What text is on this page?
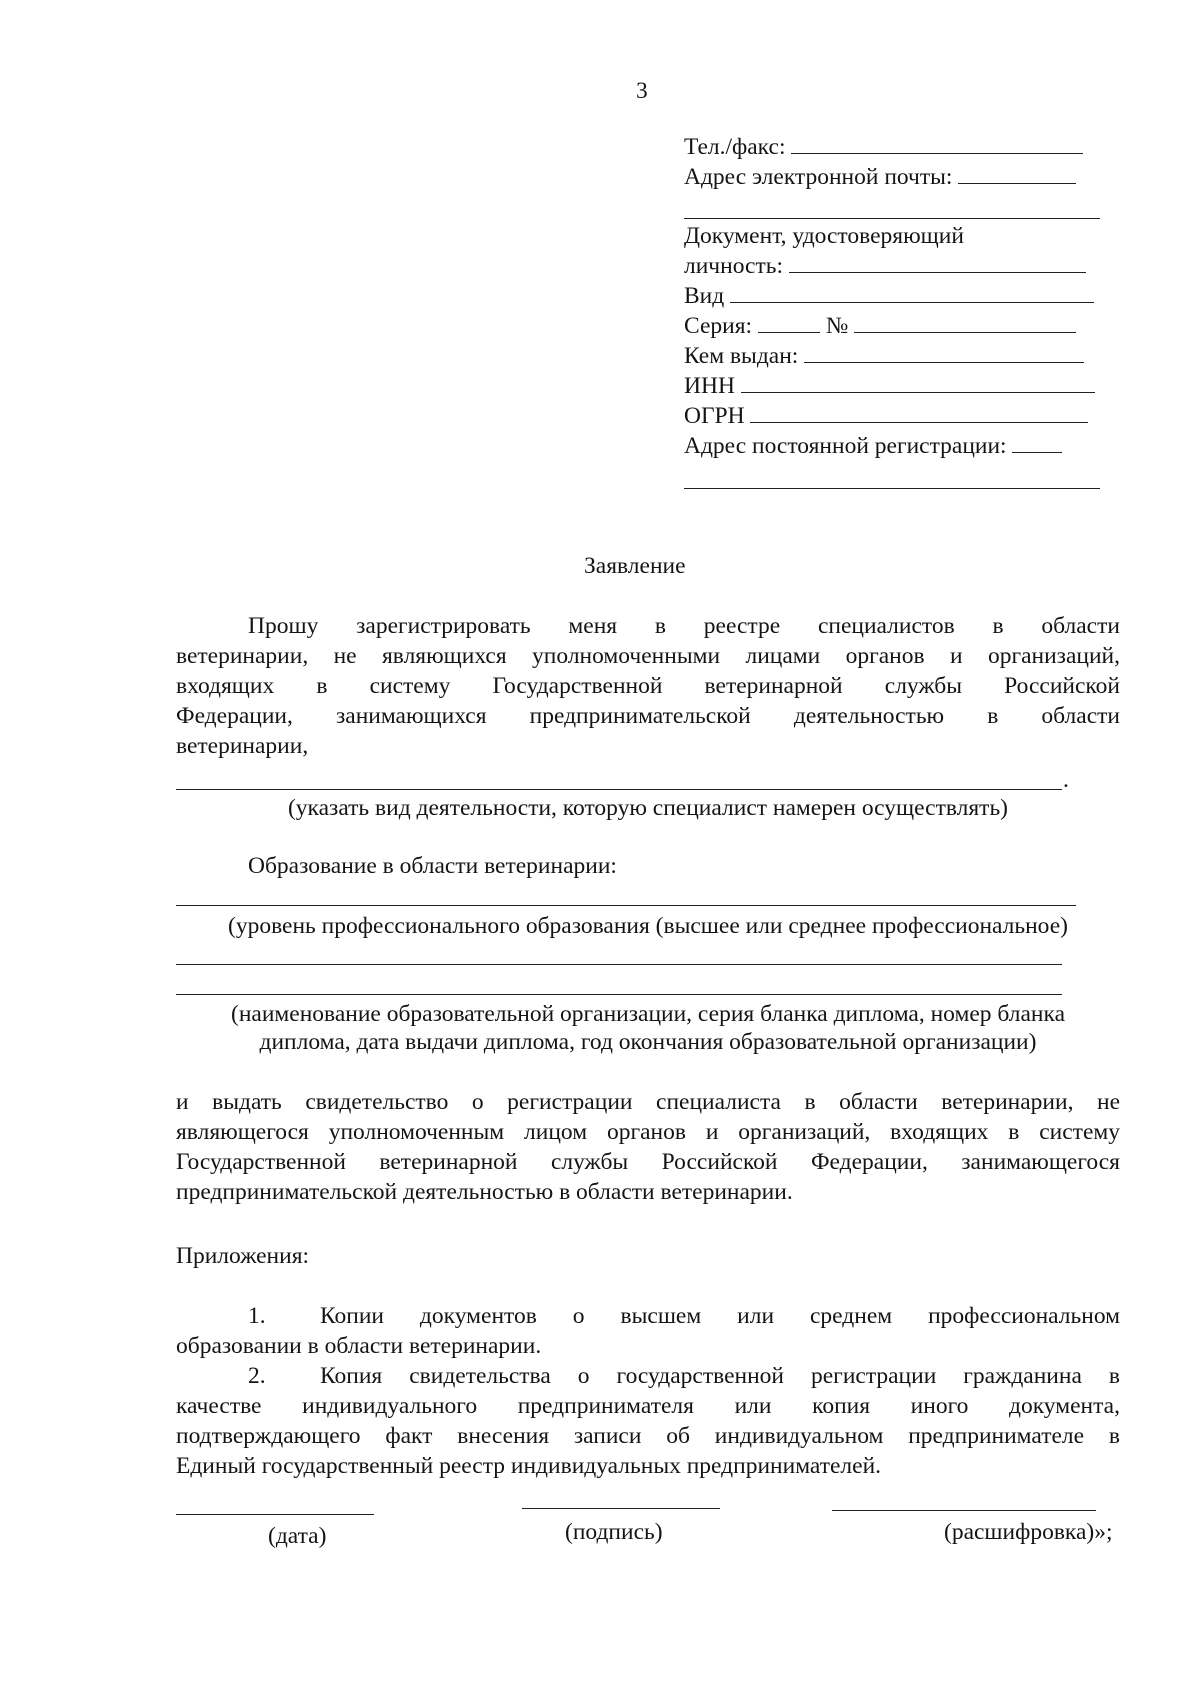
3
Тел./факс:
Адрес электронной почты:
Документ, удостоверяющий
личность:
Вид
Серия:	№
Кем выдан:
ИНН
ОГРН
Адрес постоянной регистрации:
Заявление
Прошу зарегистрировать меня в реестре специалистов в области
ветеринарии, не являющихся уполномоченными лицами органов и организаций,
входящих в систему Государственной ветеринарной службы Российской
Федерации, занимающихся предпринимательской деятельностью в области
ветеринарии,
.
(указать вид деятельности, которую специалист намерен осуществлять)
Образование в области ветеринарии:
(уровень профессионального образования (высшее или среднее профессиональное)
(наименование образовательной организации, серия бланка диплома, номер бланка
диплома, дата выдачи диплома, год окончания образовательной организации)
и выдать свидетельство о регистрации специалиста в области ветеринарии, не
являющегося уполномоченным лицом органов и организаций, входящих в систему
Государственной ветеринарной службы Российской Федерации, занимающегося
предпринимательской деятельностью в области ветеринарии.
Приложения:
1. Копии документов о высшем или среднем профессиональном
образовании в области ветеринарии.
2. Копия свидетельства о государственной регистрации гражданина в
качестве индивидуального предпринимателя или копия иного документа,
подтверждающего факт внесения записи об индивидуальном предпринимателе в
Единый государственный реестр индивидуальных предпринимателей.
(дата)	(подпись)	(расшифровка)»;
